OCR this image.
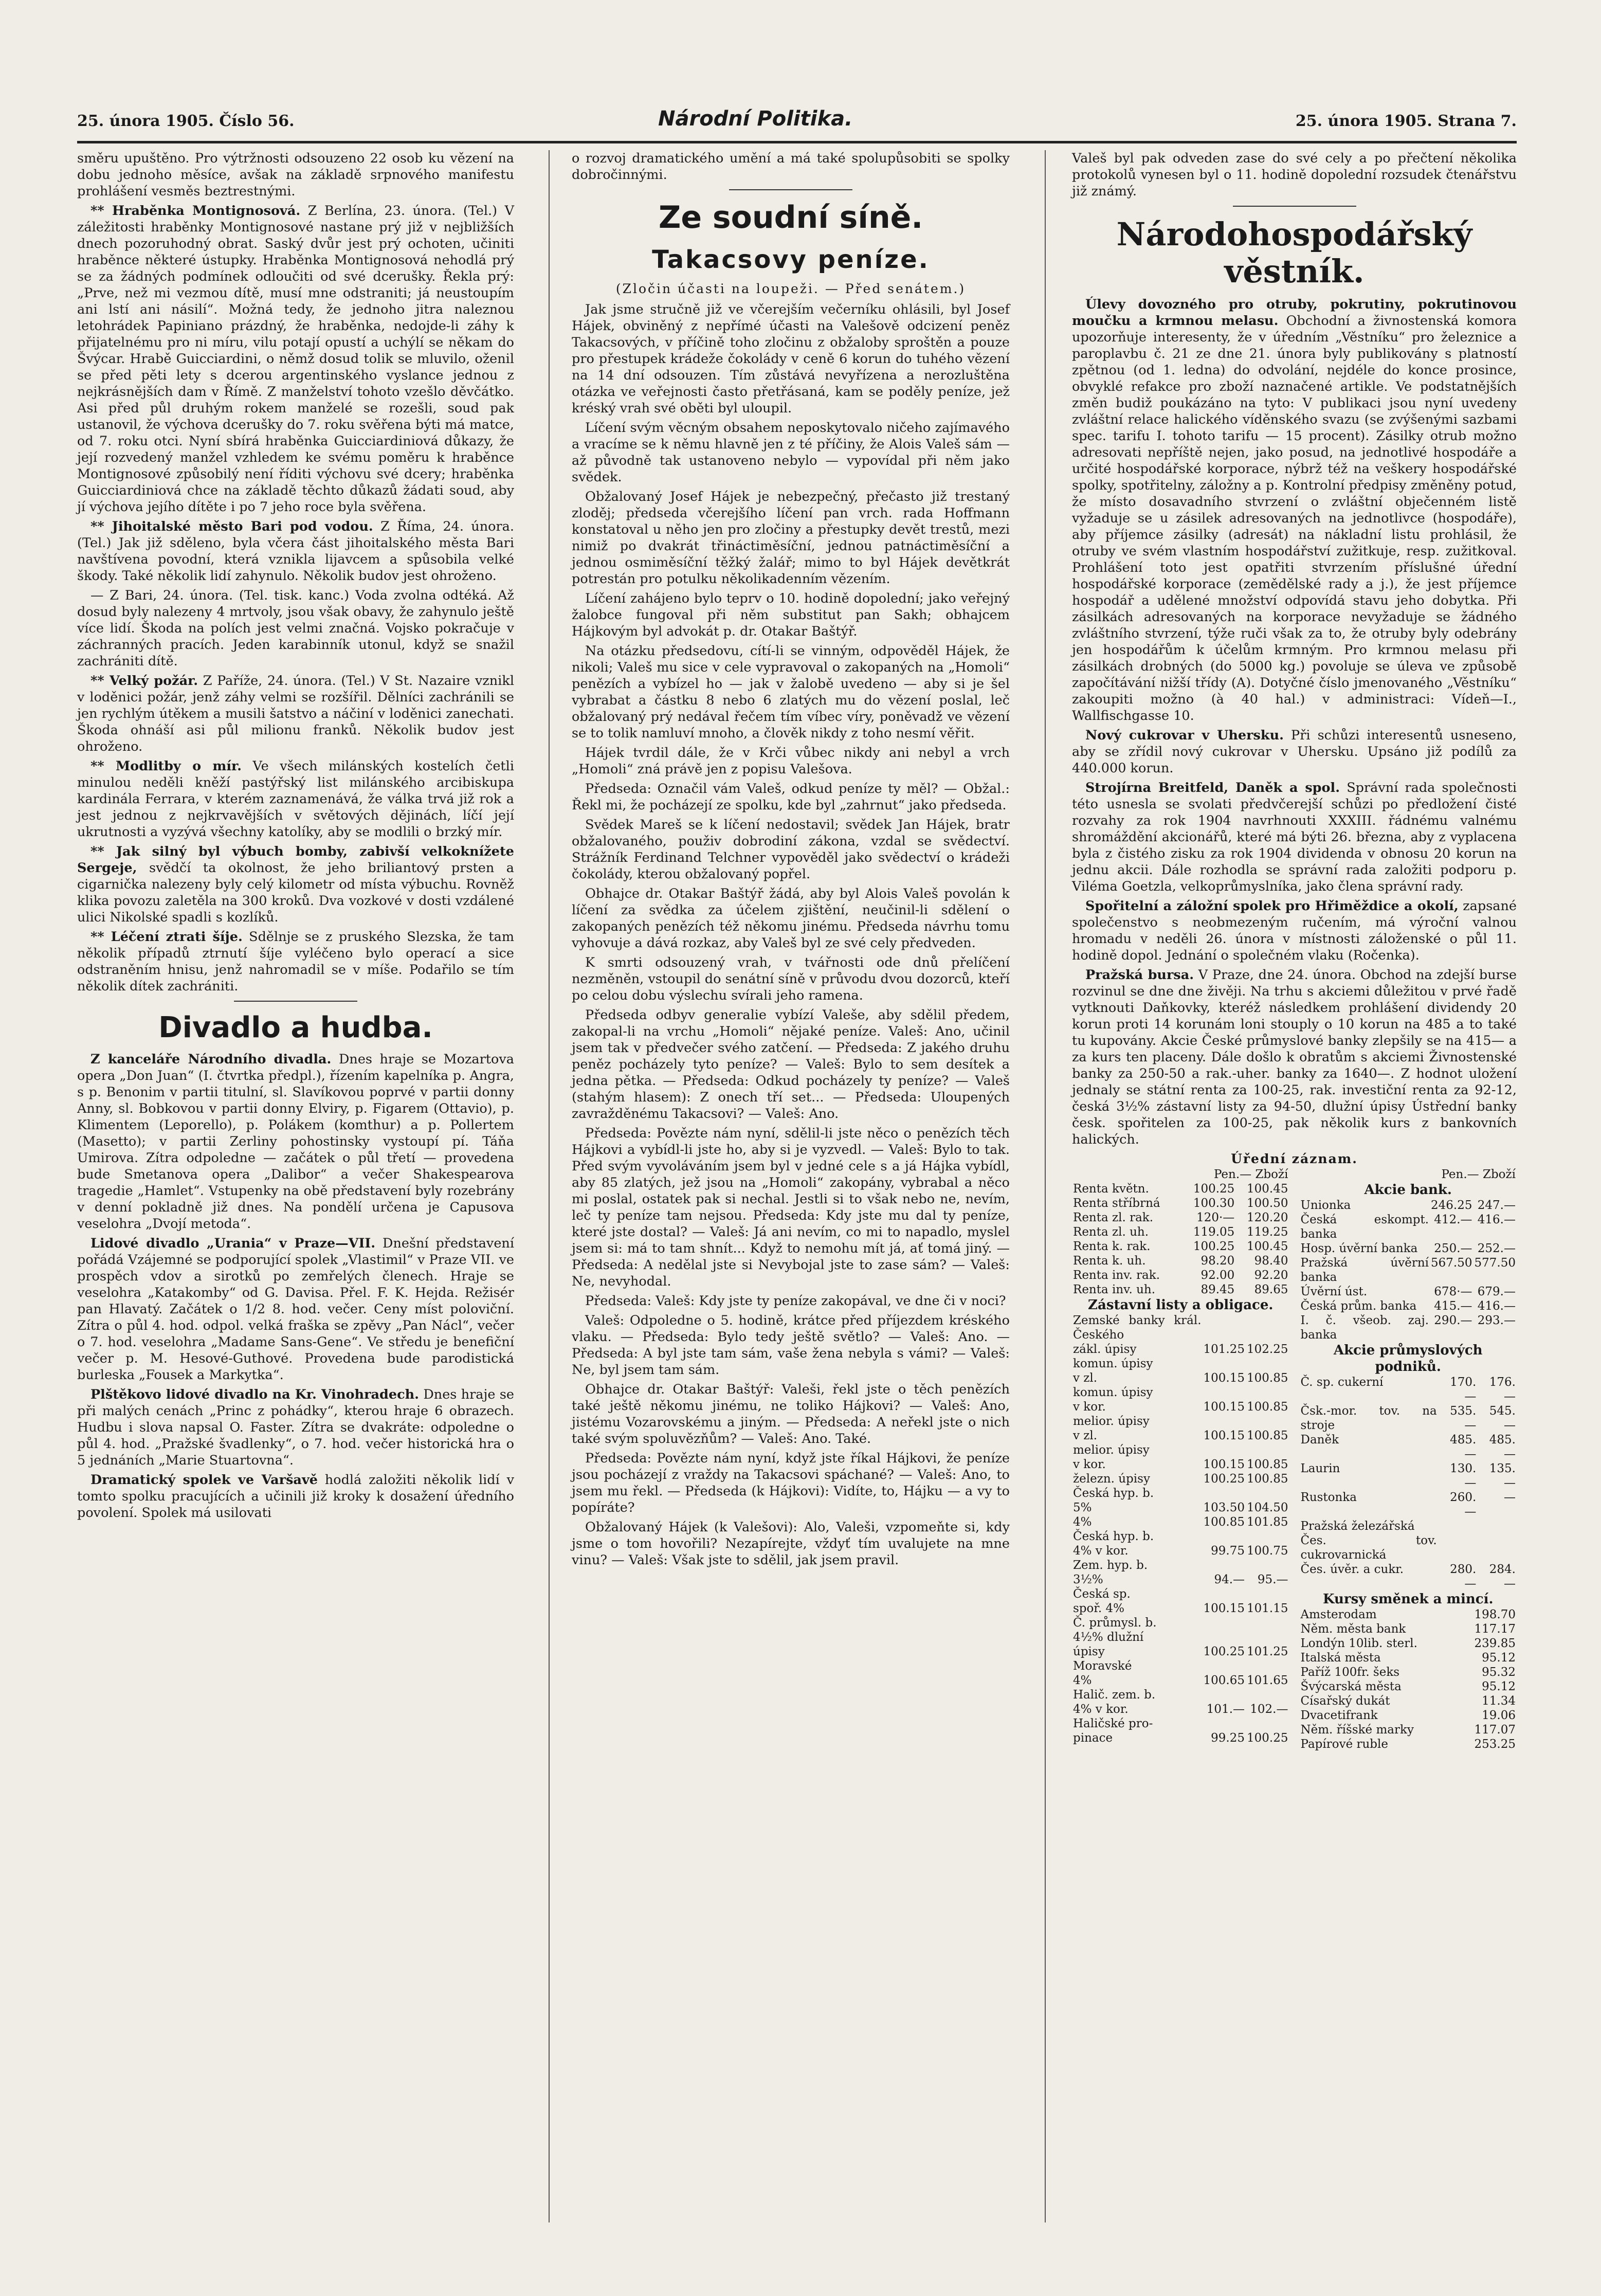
25. února 1905. Číslo 56.	Národní Politika.	25. února 1905. Strana 7.

směru upuštěno. Pro výtržnosti odsouzeno 22 osob ku vězení na dobu jednoho měsíce, avšak na základě srpnového manifestu prohlášení vesměs beztrestnými.

** Hraběnka Montignosová. Z Berlína, 23. února. (Tel.) V záležitosti hraběnky Montignosové nastane prý již v nejbližších dnech pozoruhodný obrat. Saský dvůr jest prý ochoten, učiniti hraběnce některé ústupky. Hraběnka Montignosová nehodlá prý se za žádných podmínek odloučiti od své dcerušky. Řekla prý: „Prve, než mi vezmou dítě, musí mne odstraniti; já neustoupím ani lstí ani násilí“. Možná tedy, že jednoho jitra naleznou letohrádek Papiniano prázdný, že hraběnka, nedojde-li záhy k přijatelnému pro ni míru, vilu potají opustí a uchýlí se někam do Švýcar. Hrabě Guicciardini, o němž dosud tolik se mluvilo, oženil se před pěti lety s dcerou argentinského vyslance jednou z nejkrásnějších dam v Římě. Z manželství tohoto vzešlo děvčátko. Asi před půl druhým rokem manželé se rozešli, soud pak ustanovil, že výchova dcerušky do 7. roku svěřena býti má matce, od 7. roku otci. Nyní sbírá hraběnka Guicciardiniová důkazy, že její rozvedený manžel vzhledem ke svému poměru k hraběnce Montignosové způsobilý není říditi výchovu své dcery; hraběnka Guicciardiniová chce na základě těchto důkazů žádati soud, aby jí výchova jejího dítěte i po 7 jeho roce byla svěřena.

** Jihoitalské město Bari pod vodou. Z Říma, 24. února. (Tel.) Jak již sděleno, byla včera část jihoitalského města Bari navštívena povodní, která vznikla lijavcem a spůsobila velké škody. Také několik lidí zahynulo. Několik budov jest ohroženo.

— Z Bari, 24. února. (Tel. tisk. kanc.) Voda zvolna odtéká. Až dosud byly nalezeny 4 mrtvoly, jsou však obavy, že zahynulo ještě více lidí. Škoda na polích jest velmi značná. Vojsko pokračuje v záchranných pracích. Jeden karabinník utonul, když se snažil zachrániti dítě.

** Velký požár. Z Paříže, 24. února. (Tel.) V St. Nazaire vznikl v loděnici požár, jenž záhy velmi se rozšířil. Dělníci zachránili se jen rychlým útěkem a musili šatstvo a náčiní v loděnici zanechati. Škoda ohnáší asi půl milionu franků. Několik budov jest ohroženo.

** Modlitby o mír. Ve všech milánských kostelích četli minulou neděli kněží pastýřský list milánského arcibiskupa kardinála Ferrara, v kterém zaznamenává, že válka trvá již rok a jest jednou z nejkrvavějších v světových dějinách, líčí její ukrutnosti a vyzývá všechny katolíky, aby se modlili o brzký mír.

** Jak silný byl výbuch bomby, zabivší velkoknížete Sergeje, svědčí ta okolnost, že jeho briliantový prsten a cigarnička nalezeny byly celý kilometr od místa výbuchu. Rovněž klika povozu zaletěla na 300 kroků. Dva vozkové v dosti vzdálené ulici Nikolské spadli s kozlíků.

** Léčení ztrati šíje. Sdělnje se z pruského Slezska, že tam několik případů ztrnutí šíje vyléčeno bylo operací a sice odstraněním hnisu, jenž nahromadil se v míše. Podařilo se tím několik dítek zachrániti.

Divadlo a hudba.

Z kanceláře Národního divadla. Dnes hraje se Mozartova opera „Don Juan“ (I. čtvrtka předpl.), řízením kapelníka p. Angra, s p. Benonim v partii titulní, sl. Slavíkovou poprvé v partii donny Anny, sl. Bobkovou v partii donny Elviry, p. Figarem (Ottavio), p. Klimentem (Leporello), p. Polákem (komthur) a p. Pollertem (Masetto); v partii Zerliny pohostinsky vystoupí pí. Táňa Umirova. Zítra odpoledne — začátek o půl třetí — provedena bude Smetanova opera „Dalibor“ a večer Shakespearova tragedie „Hamlet“. Vstupenky na obě představení byly rozebrány v denní pokladně již dnes. Na pondělí určena je Capusova veselohra „Dvojí metoda“.

Lidové divadlo „Urania“ v Praze—VII. Dnešní představení pořádá Vzájemné se podporující spolek „Vlastimil“ v Praze VII. ve prospěch vdov a sirotků po zemřelých členech. Hraje se veselohra „Katakomby“ od G. Davisa. Přel. F. K. Hejda. Režisér pan Hlavatý. Začátek o 1/2 8. hod. večer. Ceny míst poloviční. Zítra o půl 4. hod. odpol. velká fraška se zpěvy „Pan Nácl“, večer o 7. hod. veselohra „Madame Sans-Gene“. Ve středu je benefiční večer p. M. Hesové-Guthové. Provedena bude parodistická burleska „Fousek a Markytka“.

Plštěkovo lidové divadlo na Kr. Vinohradech. Dnes hraje se při malých cenách „Princ z pohádky“, kterou hraje 6 obrazech. Hudbu i slova napsal O. Faster. Zítra se dvakráte: odpoledne o půl 4. hod. „Pražské švadlenky“, o 7. hod. večer historická hra o 5 jednáních „Marie Stuartovna“.

Dramatický spolek ve Varšavě hodlá založiti několik lidí v tomto spolku pracujících a učinili již kroky k dosažení úředního povolení. Spolek má usilovati

o rozvoj dramatického umění a má také spolupůsobiti se spolky dobročinnými.

Ze soudní síně.
Takacsovy peníze.
(Zločin účasti na loupeži. — Před senátem.)

Jak jsme stručně již ve včerejším večerníku ohlásili, byl Josef Hájek, obviněný z nepřímé účasti na Valešově odcizení peněz Takacsových, v příčině toho zločinu z obžaloby sproštěn a pouze pro přestupek krádeže čokolády v ceně 6 korun do tuhého vězení na 14 dní odsouzen. Tím zůstává nevyřízena a nerozluštěna otázka ve veřejnosti často přetřásaná, kam se poděly peníze, jež kréský vrah své oběti byl uloupil.

Líčení svým věcným obsahem neposkytovalo ničeho zajímavého a vracíme se k němu hlavně jen z té příčiny, že Alois Valeš sám — až původně tak ustanoveno nebylo — vypovídal při něm jako svědek.

Obžalovaný Josef Hájek je nebezpečný, přečasto již trestaný zloděj; předseda včerejšího líčení pan vrch. rada Hoffmann konstatoval u něho jen pro zločiny a přestupky devět trestů, mezi nimiž po dvakrát třináctiměsíční, jednou patnáctiměsíční a jednou osmiměsíční těžký žalář; mimo to byl Hájek devětkrát potrestán pro potulku několikadenním vězením.

Líčení zahájeno bylo teprv o 10. hodině dopolední; jako veřejný žalobce fungoval při něm substitut pan Sakh; obhajcem Hájkovým byl advokát p. dr. Otakar Baštýř.

Na otázku předsedovu, cítí-li se vinným, odpověděl Hájek, že nikoli; Valeš mu sice v cele vypravoval o zakopaných na „Homoli“ penězích a vybízel ho — jak v žalobě uvedeno — aby si je šel vybrabat a částku 8 nebo 6 zlatých mu do vězení poslal, leč obžalovaný prý nedával řečem tím víbec víry, poněvadž ve vězení se to tolik namluví mnoho, a člověk nikdy z toho nesmí věřit.

Hájek tvrdil dále, že v Krči vůbec nikdy ani nebyl a vrch „Homoli“ zná právě jen z popisu Valešova.

Předseda: Označil vám Valeš, odkud peníze ty měl? — Obžal.: Řekl mi, že pocházejí ze spolku, kde byl „zahrnut“ jako předseda.

Svědek Mareš se k líčení nedostavil; svědek Jan Hájek, bratr obžalovaného, použiv dobrodiní zákona, vzdal se svědectví. Strážník Ferdinand Telchner vypověděl jako svědectví o krádeži čokolády, kterou obžalovaný popřel.

Obhajce dr. Otakar Baštýř žádá, aby byl Alois Valeš povolán k líčení za svědka za účelem zjištění, neučinil-li sdělení o zakopaných penězích též někomu jinému. Předseda návrhu tomu vyhovuje a dává rozkaz, aby Valeš byl ze své cely předveden.

K smrti odsouzený vrah, v tvářnosti ode dnů přelíčení nezměněn, vstoupil do senátní síně v průvodu dvou dozorců, kteří po celou dobu výslechu svírali jeho ramena.

Předseda odbyv generalie vybízí Valeše, aby sdělil předem, zakopal-li na vrchu „Homoli“ nějaké peníze. Valeš: Ano, učinil jsem tak v předvečer svého zatčení. — Předseda: Z jakého druhu peněz pocházely tyto peníze? — Valeš: Bylo to sem desítek a jedna pětka. — Předseda: Odkud pocházely ty peníze? — Valeš (stahým hlasem): Z onech tří set... — Předseda: Uloupených zavražděnému Takacsovi? — Valeš: Ano.

Předseda: Povězte nám nyní, sdělil-li jste něco o penězích těch Hájkovi a vybídl-li jste ho, aby si je vyzvedl. — Valeš: Bylo to tak. Před svým vyvoláváním jsem byl v jedné cele s a já Hájka vybídl, aby 85 zlatých, jež jsou na „Homoli“ zakopány, vybrabal a něco mi poslal, ostatek pak si nechal. Jestli si to však nebo ne, nevím, leč ty peníze tam nejsou. Předseda: Kdy jste mu dal ty peníze, které jste dostal? — Valeš: Já ani nevím, co mi to napadlo, myslel jsem si: má to tam shnít... Když to nemohu mít já, ať tomá jiný. — Předseda: A nedělal jste si Nevybojal jste to zase sám? — Valeš: Ne, nevyhodal.

Předseda: Valeš: Kdy jste ty peníze zakopával, ve dne či v noci?

Valeš: Odpoledne o 5. hodině, krátce před příjezdem kréského vlaku. — Předseda: Bylo tedy ještě světlo? — Valeš: Ano. — Předseda: A byl jste tam sám, vaše žena nebyla s vámi? — Valeš: Ne, byl jsem tam sám.

Obhajce dr. Otakar Baštýř: Valeši, řekl jste o těch penězích také ještě někomu jinému, ne toliko Hájkovi? — Valeš: Ano, jistému Vozarovskému a jiným. — Předseda: A neřekl jste o nich také svým spoluvězňům? — Valeš: Ano. Také.

Předseda: Povězte nám nyní, když jste říkal Hájkovi, že peníze jsou pocházejí z vraždy na Takacsovi spáchané? — Valeš: Ano, to jsem mu řekl. — Předseda (k Hájkovi): Vidíte, to, Hájku — a vy to popíráte?

Obžalovaný Hájek (k Valešovi): Alo, Valeši, vzpomeňte si, kdy jsme o tom hovořili? Nezapírejte, vždyť tím uvalujete na mne vinu? — Valeš: Však jste to sdělil, jak jsem pravil.

Valeš byl pak odveden zase do své cely a po přečtení několika protokolů vynesen byl o 11. hodině dopolední rozsudek čtenářstvu již známý.

Národohospodářský věstník.

Úlevy dovozného pro otruby, pokrutiny, pokrutinovou moučku a krmnou melasu. Obchodní a živnostenská komora upozorňuje interesenty, že v úředním „Věstníku“ pro železnice a paroplavbu č. 21 ze dne 21. února byly publikovány s platností zpětnou (od 1. ledna) do odvolání, nejdéle do konce prosince, obvyklé refakce pro zboží naznačené artikle. Ve podstatnějších změn budiž poukázáno na tyto: V publikaci jsou nyní uvedeny zvláštní relace halického víděnského svazu (se zvýšenými sazbami spec. tarifu I. tohoto tarifu — 15 procent). Zásilky otrub možno adresovati nepříště nejen, jako posud, na jednotlivé hospodáře a určité hospodářské korporace, nýbrž též na veškery hospodářské spolky, spotřitelny, záložny a p. Kontrolní předpisy změněny potud, že místo dosavadního stvrzení o zvláštní obječenném listě vyžaduje se u zásilek adresovaných na jednotlivce (hospodáře), aby příjemce zásilky (adresát) na nákladní listu prohlásil, že otruby ve svém vlastním hospodářství zužitkuje, resp. zužitkoval. Prohlášení toto jest opatřiti stvrzením příslušné úřední hospodářské korporace (zemědělské rady a j.), že jest příjemce hospodář a udělené množství odpovídá stavu jeho dobytka. Při zásilkách adresovaných na korporace nevyžaduje se žádného zvláštního stvrzení, týže ruči však za to, že otruby byly odebrány jen hospodářům k účelům krmným. Pro krmnou melasu při zásilkách drobných (do 5000 kg.) povoluje se úleva ve způsobě započítávání nižší třídy (A). Dotyčné číslo jmenovaného „Věstníku“ zakoupiti možno (à 40 hal.) v administraci: Vídeň—I., Wallfischgasse 10.

Nový cukrovar v Uhersku. Při schůzi interesentů usneseno, aby se zřídil nový cukrovar v Uhersku. Upsáno již podílů za 440.000 korun.

Strojírna Breitfeld, Daněk a spol. Správní rada společnosti této usnesla se svolati předvčerejší schůzi po předložení čisté rozvahy za rok 1904 navrhnouti XXXIII. řádnému valnému shromáždění akcionářů, které má býti 26. března, aby z vyplacena byla z čistého zisku za rok 1904 dividenda v obnosu 20 korun na jednu akcii. Dále rozhodla se správní rada založiti podporu p. Viléma Goetzla, velkoprůmyslníka, jako člena správní rady.

Spořitelní a záložní spolek pro Hřiměždice a okolí, zapsané společenstvo s neobmezeným ručením, má výroční valnou hromadu v neděli 26. února v místnosti záloženské o půl 11. hodině dopol. Jednání o společném vlaku (Ročenka).

Pražská bursa. V Praze, dne 24. února. Obchod na zdejší burse rozvinul se dne dne živěji. Na trhu s akciemi důležitou v prvé řadě vytknouti Daňkovky, kteréž následkem prohlášení dividendy 20 korun proti 14 korunám loni stouply o 10 korun na 485 a to také tu kupovány. Akcie České průmyslové banky zlepšily se na 415— a za kurs ten placeny. Dále došlo k obratům s akciemi Živnostenské banky za 250-50 a rak.-uher. banky za 1640—. Z hodnot uložení jednaly se státní renta za 100-25, rak. investiční renta za 92-12, česká 3½% zástavní listy za 94-50, dlužní úpisy Ústřední banky česk. spořitelen za 100-25, pak několik kurs z bankovních halických.

Úřední záznam.
	Pen.— Zboží	
Renta květn.	100.25	100.45
Renta stříbrná	100.30	100.50
Renta zl. rak.	120·—	120.20
Renta zl. uh.	119.05	119.25
Renta k. rak.	100.25	100.45
Renta k. uh.	98.20	98.40
Renta inv. rak.	92.00	92.20
Renta inv. uh.	89.45	89.65
Zástavní listy a obligace.
Zemské banky král. Českého		
zákl. úpisy	101.25	102.25
komun. úpisy		
v zl.	100.15	100.85
komun. úpisy		
v kor.	100.15	100.85
melior. úpisy		
v zl.	100.15	100.85
melior. úpisy		
v kor.	100.15	100.85
železn. úpisy	100.25	100.85
Česká hyp. b.		
5%	103.50	104.50
4%	100.85	101.85
Česká hyp. b.		
4% v kor.	99.75	100.75
Zem. hyp. b.		
3½%	94.—	95.—
Česká sp.		
spoř. 4%	100.15	101.15
Č. průmysl. b.		
4½% dlužní		
úpisy	100.25	101.25
Moravské		
4%	100.65	101.65
Halič. zem. b.		
4% v kor.	101.—	102.—
Haličské pro-		
pinace	99.25	100.25
Pen.— Zboží
Akcie bank.
Unionka	246.25	247.—
Česká eskompt. banka	412.—	416.—
Hosp. úvěrní banka	250.—	252.—
Pražská úvěrní banka	567.50	577.50
Úvěrní úst.	678·—	679.—
Česká prům. banka	415.—	416.—
I. č. všeob. zaj. banka	290.—	293.—
Akcie průmyslových podniků.
Č. sp. cukerní	170.—	176.—
Čsk.-mor. tov. na stroje	535.—	545.—
Daněk	485.—	485.—
Laurin	130.—	135.—
Rustonka	260.—	—
Pražská železářská		
Čes. tov. cukrovarnická		
Čes. úvěr. a cukr.	280.—	284.—
Kursy směnek a mincí.
Amsterodam	198.70
Něm. města bank	117.17
Londýn 10lib. sterl.	239.85
Italská města	95.12
Paříž 100fr. šeks	95.32
Švýcarská města	95.12
Císařský dukát	11.34
Dvacetifrank	19.06
Něm. říšské marky	117.07
Papírové ruble	253.25
